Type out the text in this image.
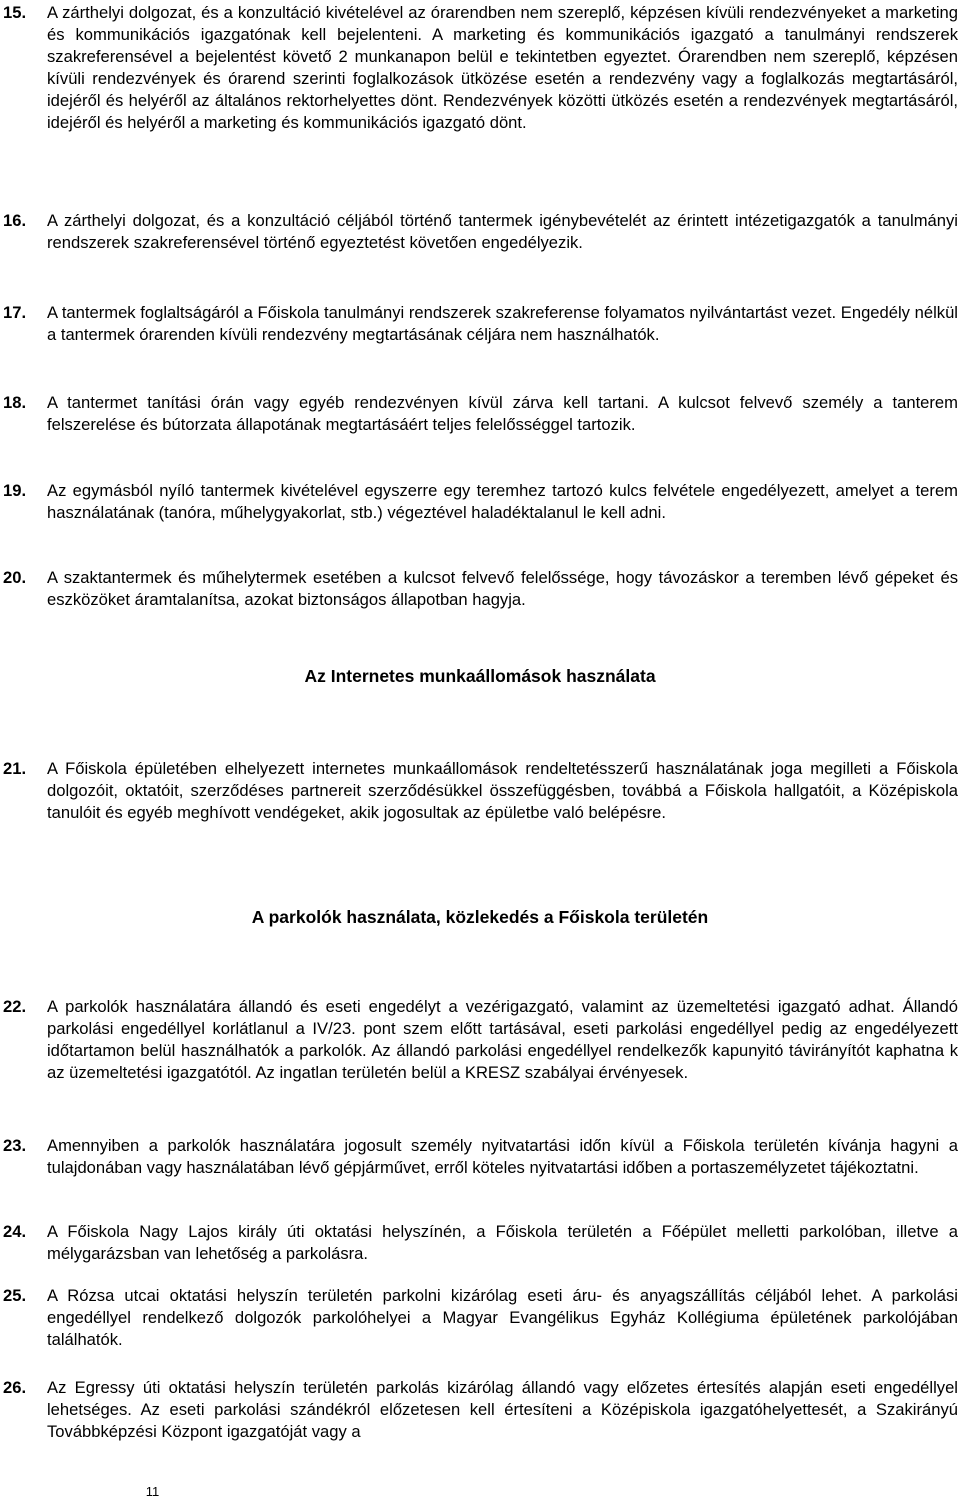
15.	A zárthelyi dolgozat, és a konzultáció kivételével az órarendben nem szereplő, képzésen kívüli rendezvényeket a marketing és kommunikációs igazgatónak kell bejelenteni. A marketing és kommunikációs igazgató a tanulmányi rendszerek szakreferensével a bejelentést követő 2 munkanapon belül e tekintetben egyeztet. Órarendben nem szereplő, képzésen kívüli rendezvények és órarend szerinti foglalkozások ütközése esetén a rendezvény vagy a foglalkozás megtartásáról, idejéről és helyéről az általános rektorhelyettes dönt. Rendezvények közötti ütközés esetén a rendezvények megtartásáról, idejéről és helyéről a marketing és kommunikációs igazgató dönt.
16.	A zárthelyi dolgozat, és a konzultáció céljából történő tantermek igénybevételét az érintett intézetigazgatók a tanulmányi rendszerek szakreferensével történő egyeztetést követően engedélyezik.
17.	A tantermek foglaltságáról a Főiskola tanulmányi rendszerek szakreferense folyamatos nyilvántartást vezet. Engedély nélkül a tantermek órarenden kívüli rendezvény megtartásának céljára nem használhatók.
18.	A tantermet tanítási órán vagy egyéb rendezvényen kívül zárva kell tartani. A kulcsot felvevő személy a tanterem felszerelése és bútorzata állapotának megtartásáért teljes felelősséggel tartozik.
19.	Az egymásból nyíló tantermek kivételével egyszerre egy teremhez tartozó kulcs felvétele engedélyezett, amelyet a terem használatának (tanóra, műhelygyakorlat, stb.) végeztével haladéktalanul le kell adni.
20.	A szaktantermek és műhelytermek esetében a kulcsot felvevő felelőssége, hogy távozáskor a teremben lévő gépeket és eszközöket áramtalanítsa, azokat biztonságos állapotban hagyja.
Az Internetes munkaállomások használata
21.	A Főiskola épületében elhelyezett internetes munkaállomások rendeltetésszerű használatának joga megilleti a Főiskola dolgozóit, oktatóit, szerződéses partnereit szerződésükkel összefüggésben, továbbá a Főiskola hallgatóit, a Középiskola tanulóit és egyéb meghívott vendégeket, akik jogosultak az épületbe való belépésre.
A parkolók használata, közlekedés a Főiskola területén
22.	A parkolók használatára állandó és eseti engedélyt a vezérigazgató, valamint az üzemeltetési igazgató adhat. Állandó parkolási engedéllyel korlátlanul a IV/23. pont szem előtt tartásával, eseti parkolási engedéllyel pedig az engedélyezett időtartamon belül használhatók a parkolók. Az állandó parkolási engedéllyel rendelkezők kapunyitó távirányítót kaphatna k az üzemeltetési igazgatótól. Az ingatlan területén belül a KRESZ szabályai érvényesek.
23.	Amennyiben a parkolók használatára jogosult személy nyitvatartási időn kívül a Főiskola területén kívánja hagyni a tulajdonában vagy használatában lévő gépjárművet, erről köteles nyitvatartási időben a portaszemélyzetet tájékoztatni.
24.	A Főiskola Nagy Lajos király úti oktatási helyszínén, a Főiskola területén a Főépület melletti parkolóban, illetve a mélygarázsban van lehetőség a parkolásra.
25.	A Rózsa utcai oktatási helyszín területén parkolni kizárólag eseti áru- és anyagszállítás céljából lehet. A parkolási engedéllyel rendelkező dolgozók parkolóhelyei a Magyar Evangélikus Egyház Kollégiuma épületének parkolójában találhatók.
26.	Az Egressy úti oktatási helyszín területén parkolás kizárólag állandó vagy előzetes értesítés alapján eseti engedéllyel lehetséges. Az eseti parkolási szándékról előzetesen kell értesíteni a Középiskola igazgatóhelyettesét, a Szakirányú Továbbképzési Központ igazgatóját vagy a
11
